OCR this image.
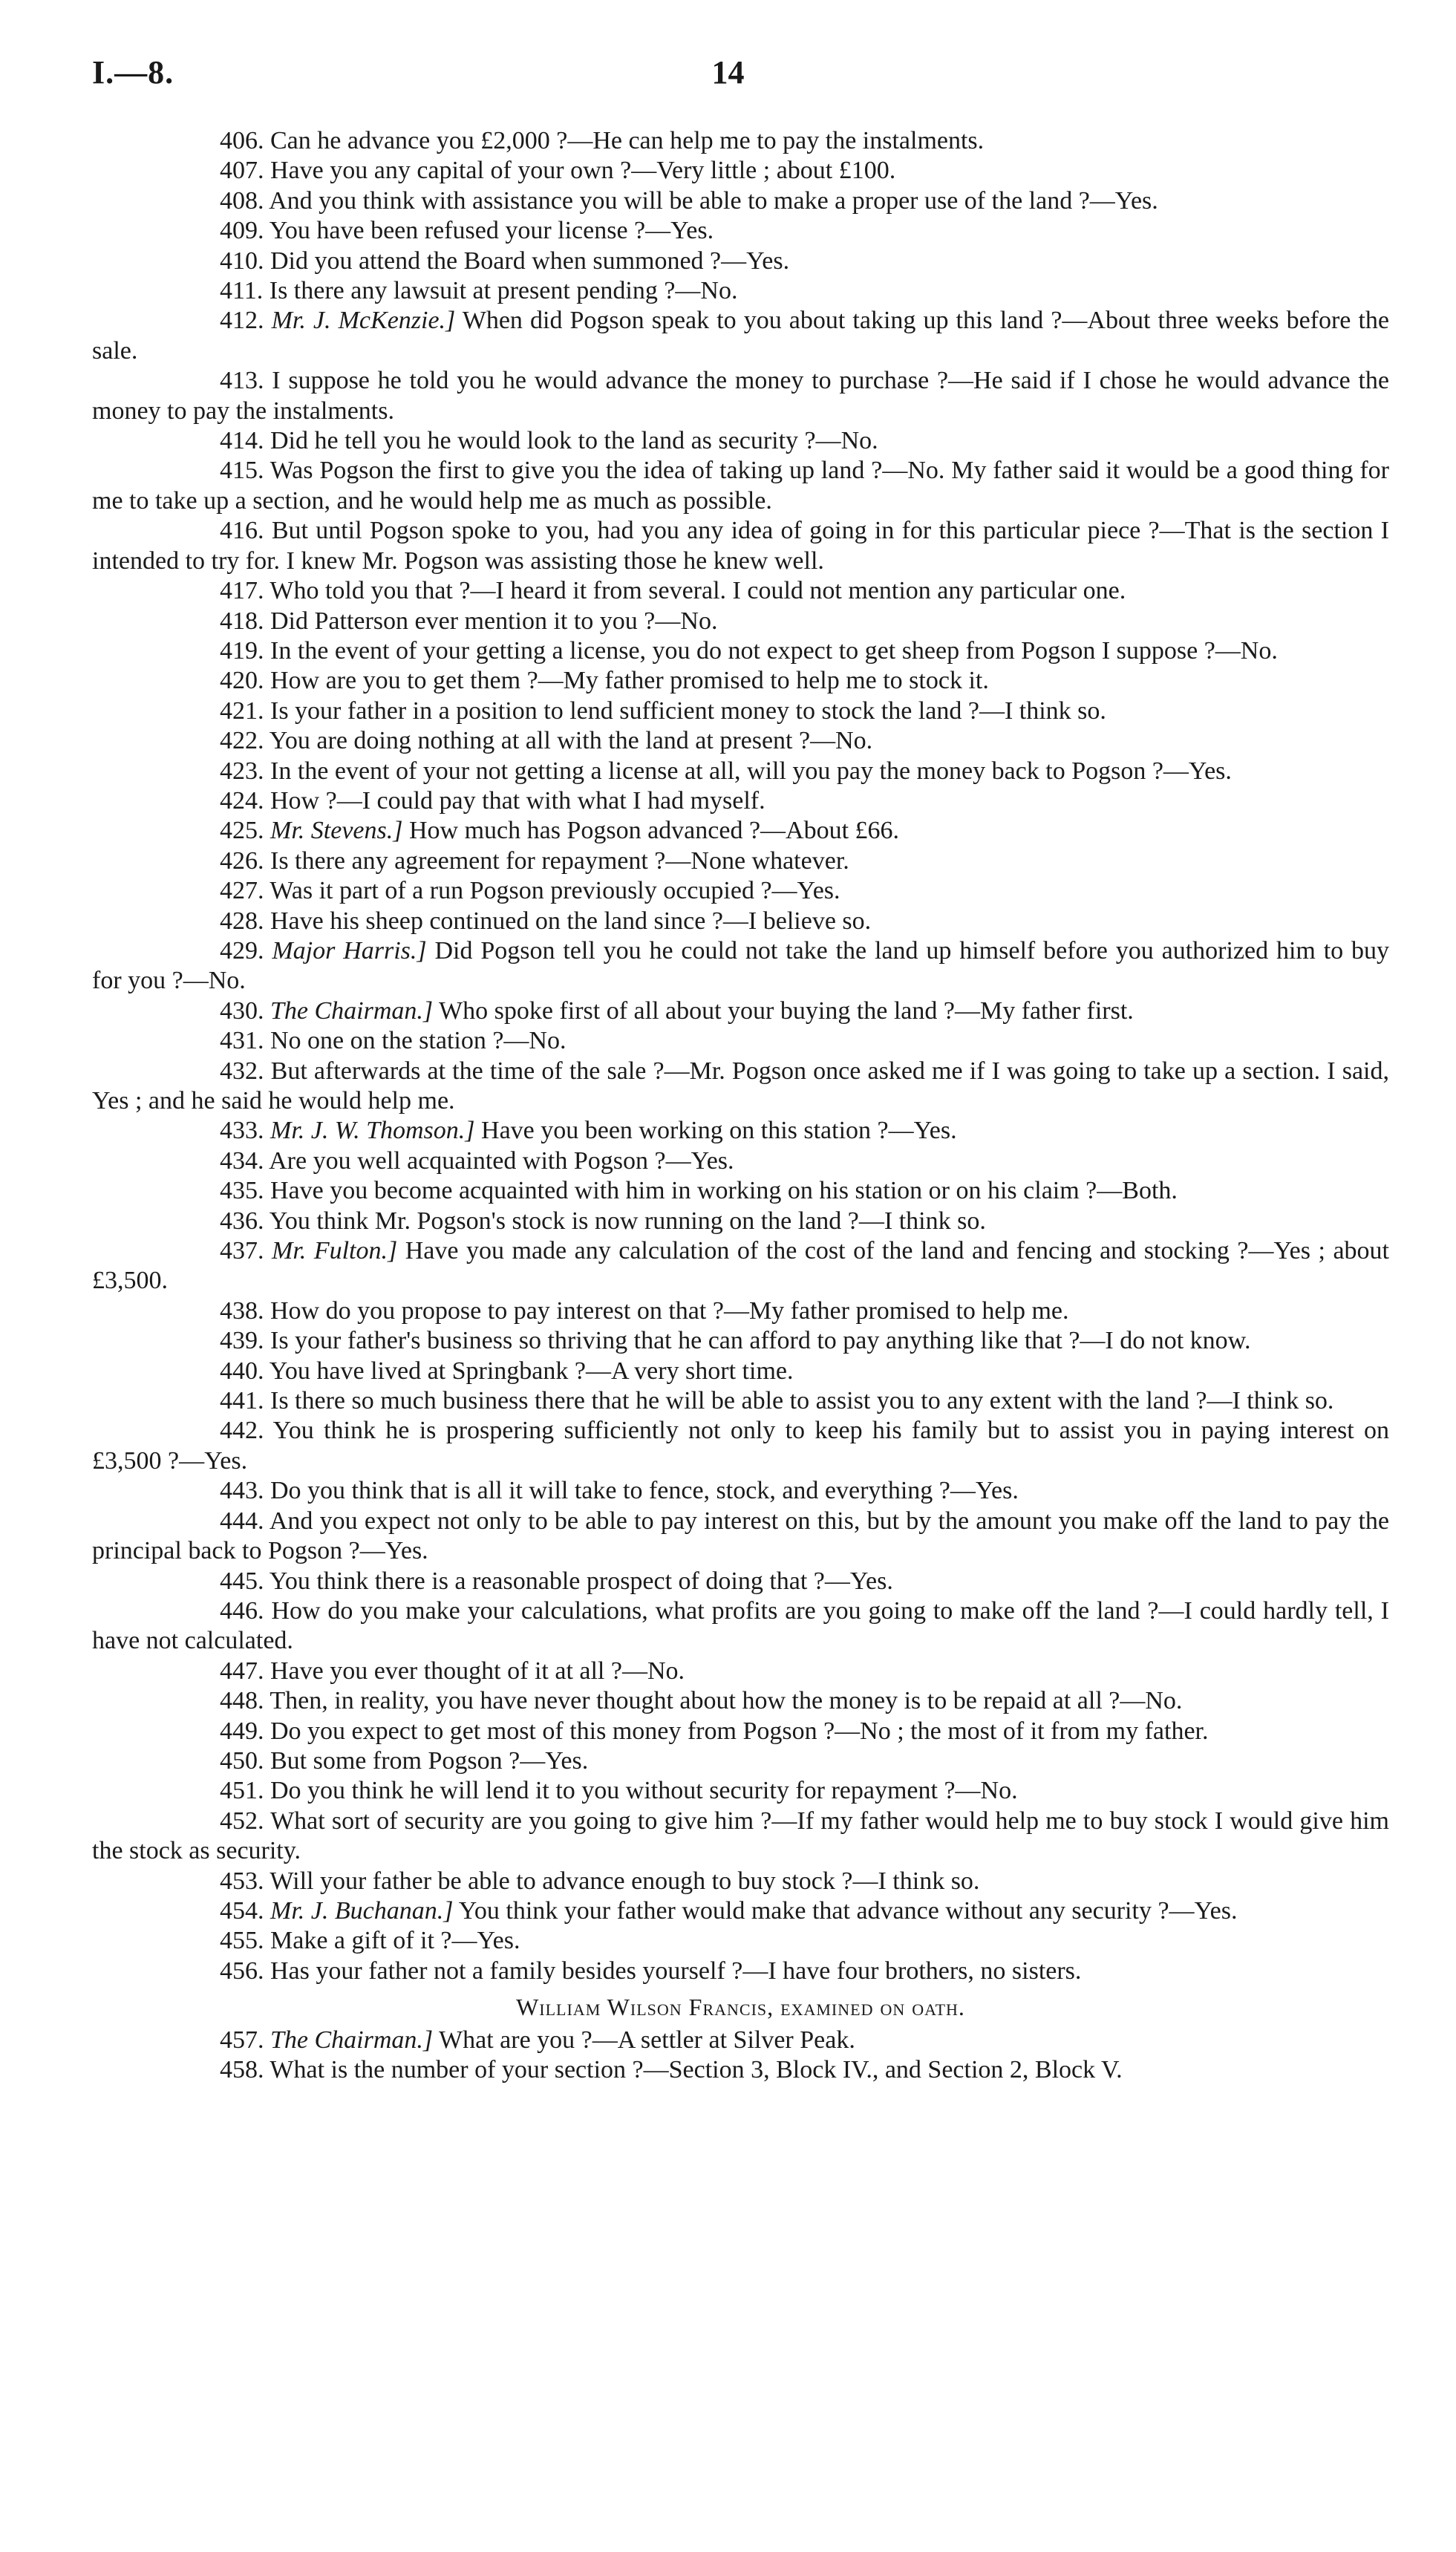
I.—8.	14

406. Can he advance you £2,000 ?—He can help me to pay the instalments.

407. Have you any capital of your own ?—Very little ; about £100.

408. And you think with assistance you will be able to make a proper use of the land ?—Yes.

409. You have been refused your license ?—Yes.

410. Did you attend the Board when summoned ?—Yes.

411. Is there any lawsuit at present pending ?—No.

412. Mr. J. McKenzie.] When did Pogson speak to you about taking up this land ?—About three weeks before the sale.

413. I suppose he told you he would advance the money to purchase ?—He said if I chose he would advance the money to pay the instalments.

414. Did he tell you he would look to the land as security ?—No.

415. Was Pogson the first to give you the idea of taking up land ?—No. My father said it would be a good thing for me to take up a section, and he would help me as much as possible.

416. But until Pogson spoke to you, had you any idea of going in for this particular piece ?—That is the section I intended to try for. I knew Mr. Pogson was assisting those he knew well.

417. Who told you that ?—I heard it from several. I could not mention any particular one.

418. Did Patterson ever mention it to you ?—No.

419. In the event of your getting a license, you do not expect to get sheep from Pogson I suppose ?—No.

420. How are you to get them ?—My father promised to help me to stock it.

421. Is your father in a position to lend sufficient money to stock the land ?—I think so.

422. You are doing nothing at all with the land at present ?—No.

423. In the event of your not getting a license at all, will you pay the money back to Pogson ?—Yes.

424. How ?—I could pay that with what I had myself.

425. Mr. Stevens.] How much has Pogson advanced ?—About £66.

426. Is there any agreement for repayment ?—None whatever.

427. Was it part of a run Pogson previously occupied ?—Yes.

428. Have his sheep continued on the land since ?—I believe so.

429. Major Harris.] Did Pogson tell you he could not take the land up himself before you authorized him to buy for you ?—No.

430. The Chairman.] Who spoke first of all about your buying the land ?—My father first.

431. No one on the station ?—No.

432. But afterwards at the time of the sale ?—Mr. Pogson once asked me if I was going to take up a section. I said, Yes ; and he said he would help me.

433. Mr. J. W. Thomson.] Have you been working on this station ?—Yes.

434. Are you well acquainted with Pogson ?—Yes.

435. Have you become acquainted with him in working on his station or on his claim ?—Both.

436. You think Mr. Pogson's stock is now running on the land ?—I think so.

437. Mr. Fulton.] Have you made any calculation of the cost of the land and fencing and stocking ?—Yes ; about £3,500.

438. How do you propose to pay interest on that ?—My father promised to help me.

439. Is your father's business so thriving that he can afford to pay anything like that ?—I do not know.

440. You have lived at Springbank ?—A very short time.

441. Is there so much business there that he will be able to assist you to any extent with the land ?—I think so.

442. You think he is prospering sufficiently not only to keep his family but to assist you in paying interest on £3,500 ?—Yes.

443. Do you think that is all it will take to fence, stock, and everything ?—Yes.

444. And you expect not only to be able to pay interest on this, but by the amount you make off the land to pay the principal back to Pogson ?—Yes.

445. You think there is a reasonable prospect of doing that ?—Yes.

446. How do you make your calculations, what profits are you going to make off the land ?—I could hardly tell, I have not calculated.

447. Have you ever thought of it at all ?—No.

448. Then, in reality, you have never thought about how the money is to be repaid at all ?—No.

449. Do you expect to get most of this money from Pogson ?—No ; the most of it from my father.

450. But some from Pogson ?—Yes.

451. Do you think he will lend it to you without security for repayment ?—No.

452. What sort of security are you going to give him ?—If my father would help me to buy stock I would give him the stock as security.

453. Will your father be able to advance enough to buy stock ?—I think so.

454. Mr. J. Buchanan.] You think your father would make that advance without any security ?—Yes.

455. Make a gift of it ?—Yes.

456. Has your father not a family besides yourself ?—I have four brothers, no sisters.

William Wilson Francis, examined on oath.

457. The Chairman.] What are you ?—A settler at Silver Peak.

458. What is the number of your section ?—Section 3, Block IV., and Section 2, Block V.
